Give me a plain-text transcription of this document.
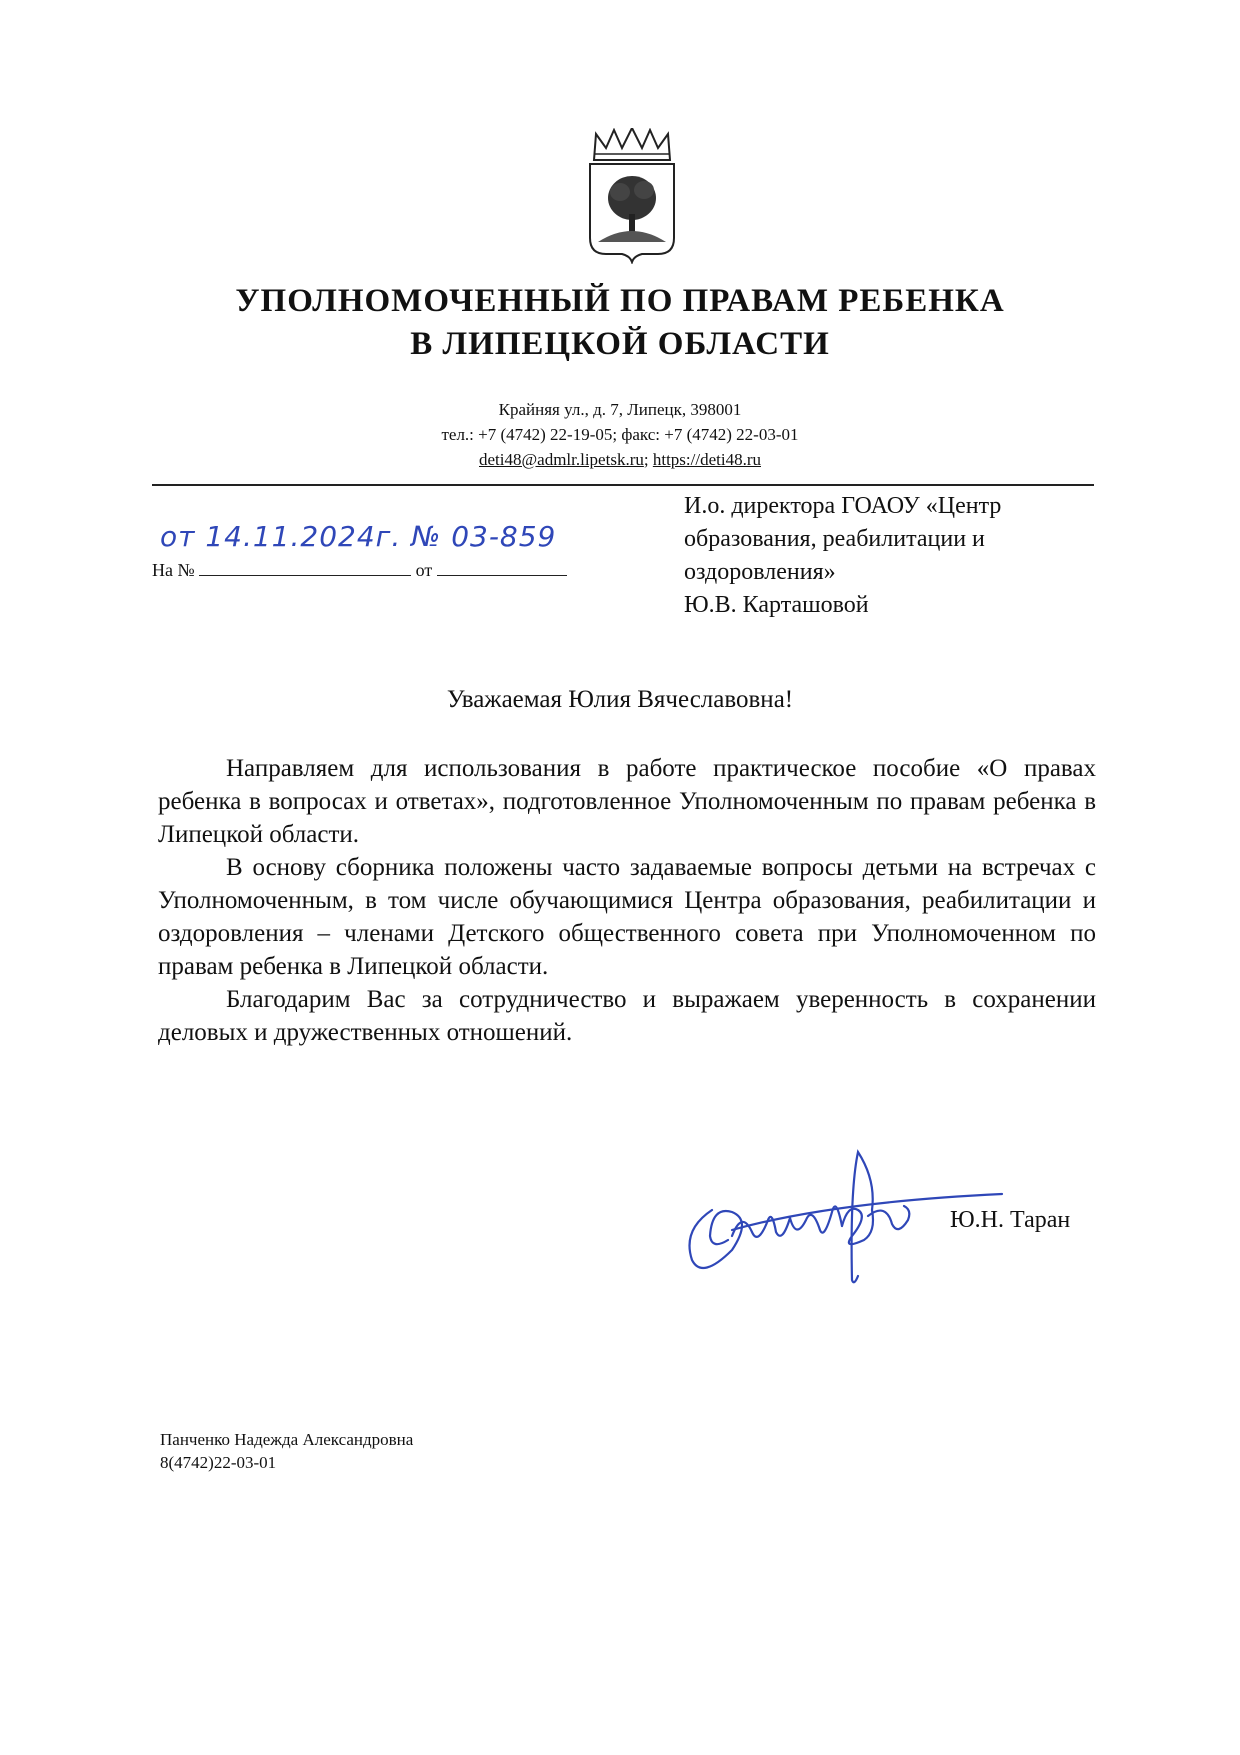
УПОЛНОМОЧЕННЫЙ ПО ПРАВАМ РЕБЕНКА
В ЛИПЕЦКОЙ ОБЛАСТИ
Крайняя ул., д. 7, Липецк, 398001
тел.: +7 (4742) 22-19-05; факс: +7 (4742) 22-03-01
deti48@admlr.lipetsk.ru; https://deti48.ru
от 14.11.2024г. № 03-859
На №	от
И.о. директора ГОАОУ «Центр
образования, реабилитации и
оздоровления»
Ю.В. Карташовой
Уважаемая Юлия Вячеславовна!

Направляем для использования в работе практическое пособие «О правах ребенка в вопросах и ответах», подготовленное Уполномоченным по правам ребенка в Липецкой области.

В основу сборника положены часто задаваемые вопросы детьми на встречах с Уполномоченным, в том числе обучающимися Центра образования, реабилитации и оздоровления – членами Детского общественного совета при Уполномоченном по правам ребенка в Липецкой области.

Благодарим Вас за сотрудничество и выражаем уверенность в сохранении деловых и дружественных отношений.

Ю.Н. Таран
Панченко Надежда Александровна
8(4742)22-03-01
